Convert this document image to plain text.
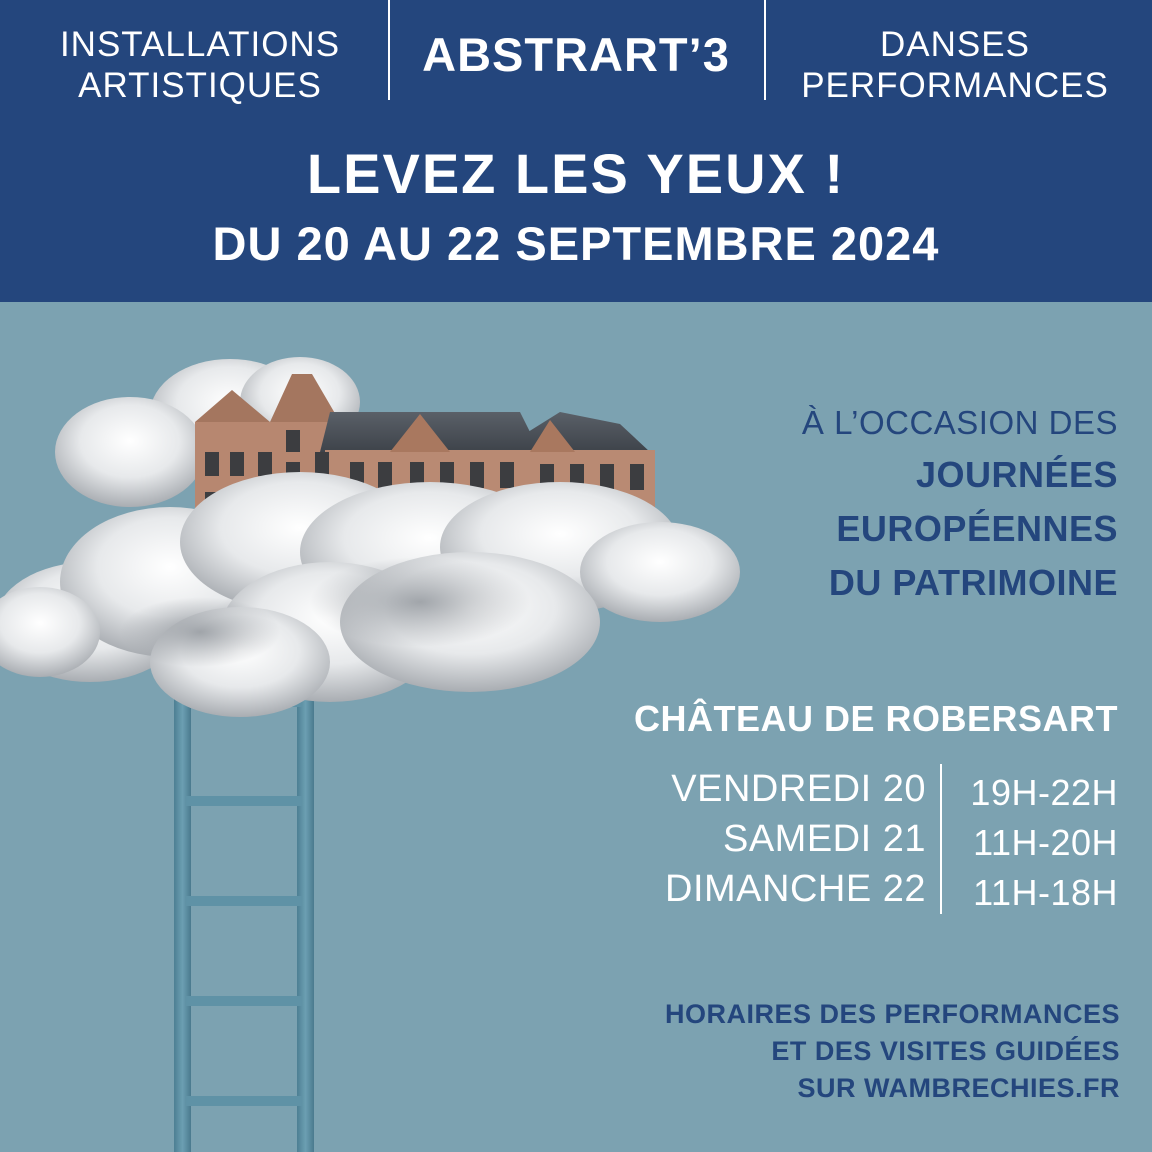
INSTALLATIONS
ARTISTIQUES
ABSTRART’3	DANSES
PERFORMANCES
LEVEZ LES YEUX !
DU 20 AU 22 SEPTEMBRE 2024
À L’OCCASION DES
JOURNÉES
EUROPÉENNES
DU PATRIMOINE
CHÂTEAU DE ROBERSART
VENDREDI 20
SAMEDI 21
DIMANCHE 22
19H-22H
11H-20H
11H-18H
HORAIRES DES PERFORMANCES
ET DES VISITES GUIDÉES
SUR WAMBRECHIES.FR
